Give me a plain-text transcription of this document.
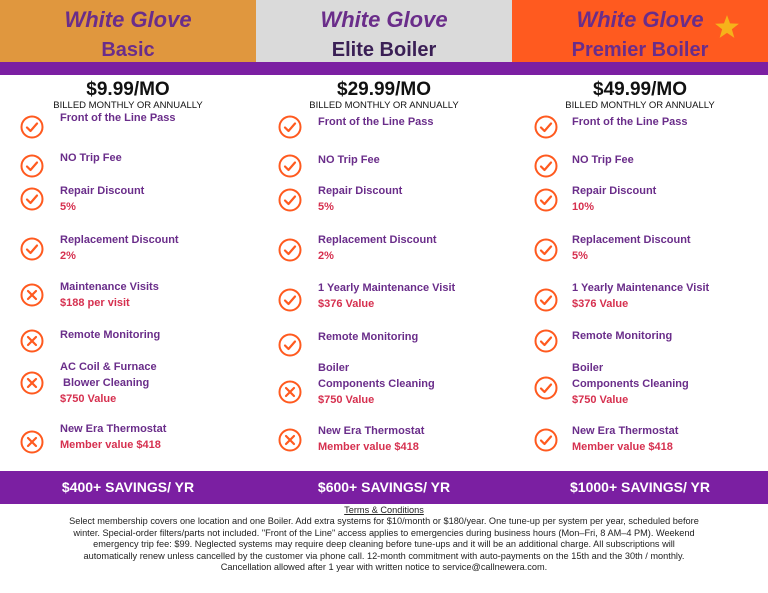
White Glove
Basic
White Glove
Elite Boiler
White Glove
Premier Boiler
$9.99/MO
BILLED MONTHLY OR ANNUALLY
Front of the Line Pass
NO Trip Fee
Repair Discount
5%
Replacement Discount
2%
Maintenance Visits
$188 per visit
Remote Monitoring
AC Coil & Furnace
Blower Cleaning
$750 Value
New Era Thermostat
Member value $418
$29.99/MO
BILLED MONTHLY OR ANNUALLY
Front of the Line Pass
NO Trip Fee
Repair Discount
5%
Replacement Discount
2%
1 Yearly Maintenance Visit
$376 Value
Remote Monitoring
Boiler
Components Cleaning
$750 Value
New Era Thermostat
Member value $418
$49.99/MO
BILLED MONTHLY OR ANNUALLY
Front of the Line Pass
NO Trip Fee
Repair Discount
10%
Replacement Discount
5%
1 Yearly Maintenance Visit
$376 Value
Remote Monitoring
Boiler
Components Cleaning
$750 Value
New Era Thermostat
Member value $418
$400+ SAVINGS/ YR	$600+ SAVINGS/ YR	$1000+ SAVINGS/ YR

Terms & Conditions

Select membership covers one location and one Boiler. Add extra systems for $10/month or $180/year. One tune-up per system per year, scheduled before

winter. Special-order filters/parts not included. "Front of the Line" access applies to emergencies during business hours (Mon–Fri, 8 AM–4 PM). Weekend

emergency trip fee: $99. Neglected systems may require deep cleaning before tune-ups and it will be an additional charge. All subscriptions will

automatically renew unless cancelled by the customer via phone call. 12-month commitment with auto-payments on the 15th and the 30th / monthly.

Cancellation allowed after 1 year with written notice to service@callnewera.com.
